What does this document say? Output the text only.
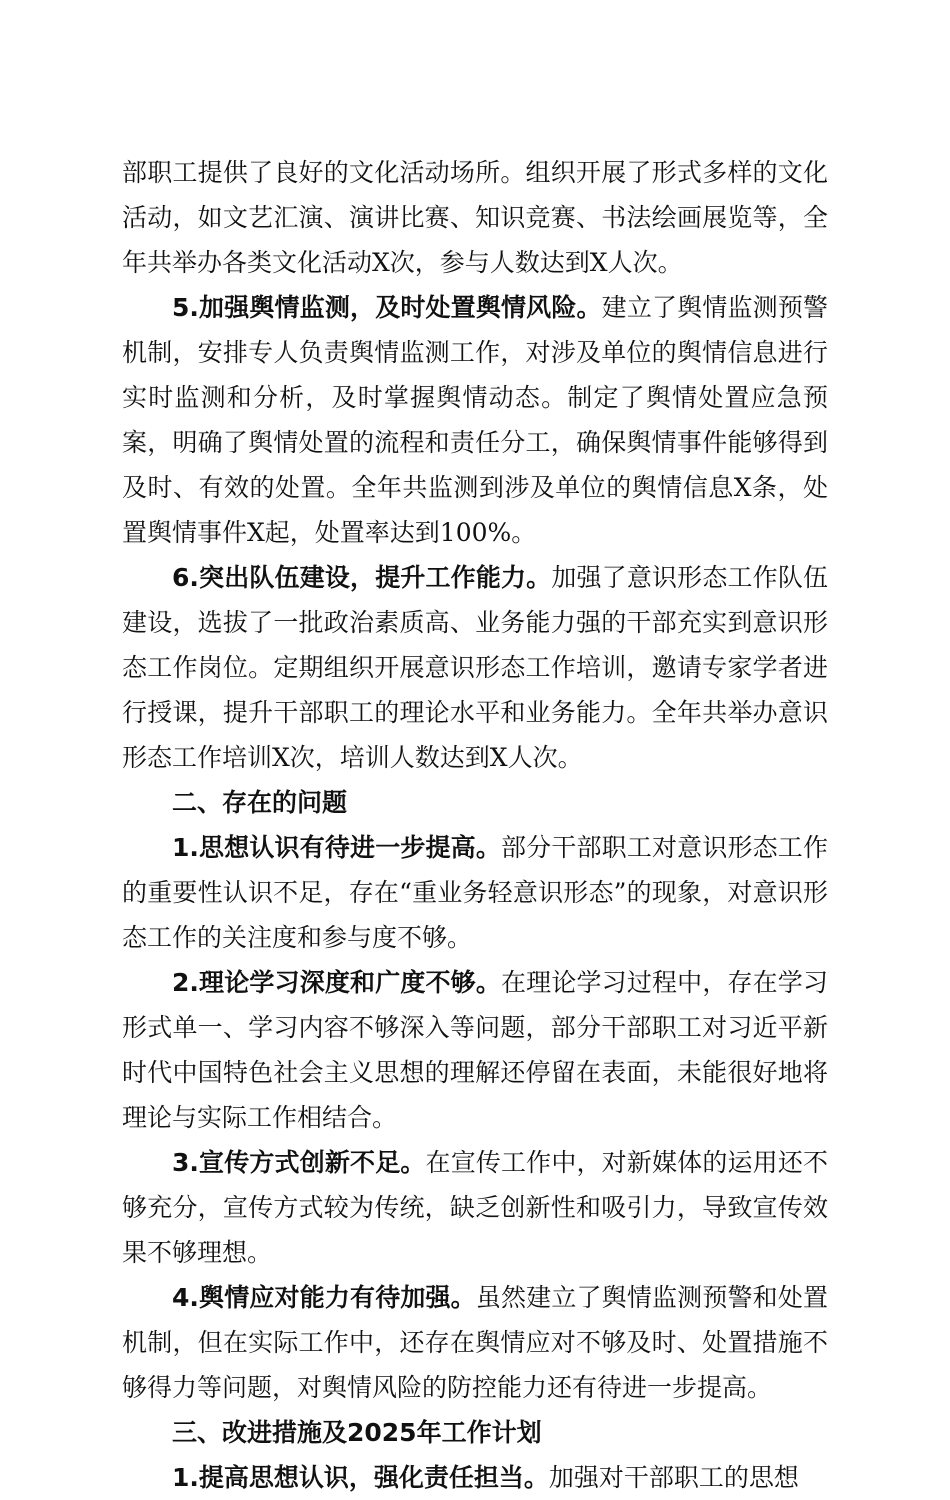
部职工提供了良好的文化活动场所。组织开展了形式多样的文化活动，如文艺汇演、演讲比赛、知识竞赛、书法绘画展览等，全年共举办各类文化活动X次，参与人数达到X人次。

5.加强舆情监测，及时处置舆情风险。建立了舆情监测预警机制，安排专人负责舆情监测工作，对涉及单位的舆情信息进行实时监测和分析，及时掌握舆情动态。制定了舆情处置应急预案，明确了舆情处置的流程和责任分工，确保舆情事件能够得到及时、有效的处置。全年共监测到涉及单位的舆情信息X条，处置舆情事件X起，处置率达到100%。

6.突出队伍建设，提升工作能力。加强了意识形态工作队伍建设，选拔了一批政治素质高、业务能力强的干部充实到意识形态工作岗位。定期组织开展意识形态工作培训，邀请专家学者进行授课，提升干部职工的理论水平和业务能力。全年共举办意识形态工作培训X次，培训人数达到X人次。

二、存在的问题

1.思想认识有待进一步提高。部分干部职工对意识形态工作的重要性认识不足，存在“重业务轻意识形态”的现象，对意识形态工作的关注度和参与度不够。

2.理论学习深度和广度不够。在理论学习过程中，存在学习形式单一、学习内容不够深入等问题，部分干部职工对习近平新时代中国特色社会主义思想的理解还停留在表面，未能很好地将理论与实际工作相结合。

3.宣传方式创新不足。在宣传工作中，对新媒体的运用还不够充分，宣传方式较为传统，缺乏创新性和吸引力，导致宣传效果不够理想。

4.舆情应对能力有待加强。虽然建立了舆情监测预警和处置机制，但在实际工作中，还存在舆情应对不够及时、处置措施不够得力等问题，对舆情风险的防控能力还有待进一步提高。

三、改进措施及2025年工作计划

1.提高思想认识，强化责任担当。加强对干部职工的思想
